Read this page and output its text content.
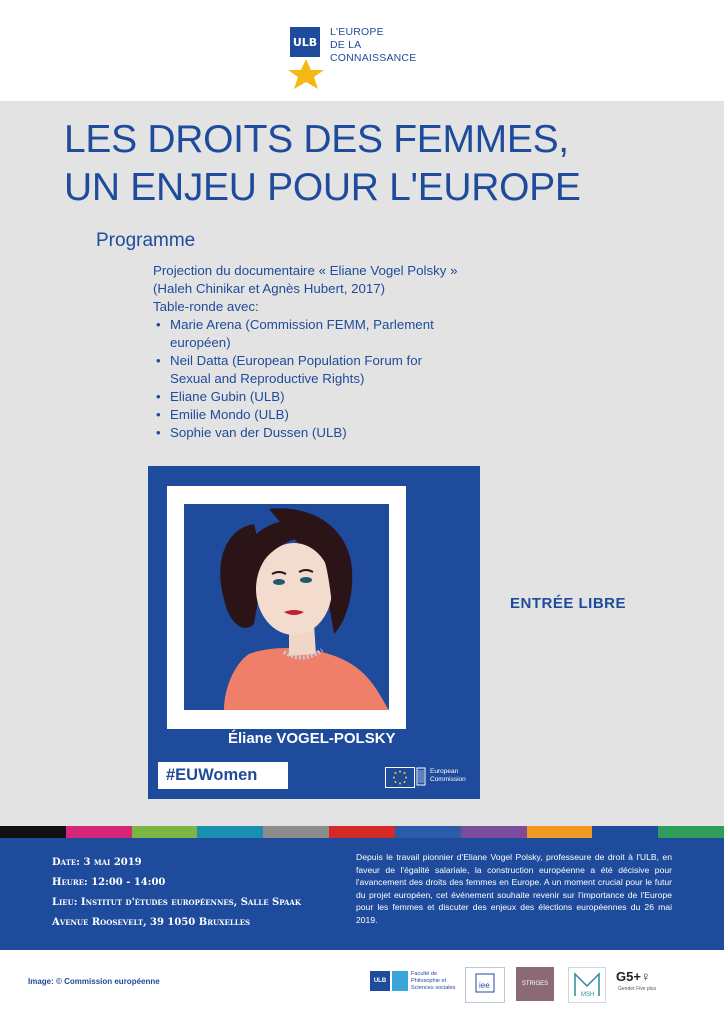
ULB
L'EUROPE
DE LA
CONNAISSANCE
LES DROITS DES FEMMES,
UN ENJEU POUR L'EUROPE
Programme
Projection du documentaire « Eliane Vogel Polsky »
(Haleh Chinikar et Agnès Hubert, 2017)
Table-ronde avec:
• Marie Arena (Commission FEMM, Parlement
européen)
• Neil Datta (European Population Forum for
Sexual and Reproductive Rights)
• Eliane Gubin (ULB)
• Emilie Mondo (ULB)
• Sophie van der Dussen (ULB)
Éliane VOGEL-POLSKY
#EUWomen	European
Commission
ENTRÉE LIBRE
Date: 3 mai 2019
Heure: 12:00 - 14:00
Lieu: Institut d'études européennes, Salle Spaak
Avenue Roosevelt, 39 1050 Bruxelles
Depuis le travail pionnier d'Eliane Vogel Polsky, professeure de droit à l'ULB, en faveur de l'égalité salariale, la construction européenne a été décisive pour l'avancement des droits des femmes en Europe. A un moment crucial pour le futur du projet européen, cet événement souhaite revenir sur l'importance de l'Europe pour les femmes et discuter des enjeux des élections européennes du 26 mai 2019.
Image: © Commission européenne	ULB
Faculté de
Philosophie et
Sciences sociales	iee	STRIGES
MSH
G5+♀
Gender Five plus
